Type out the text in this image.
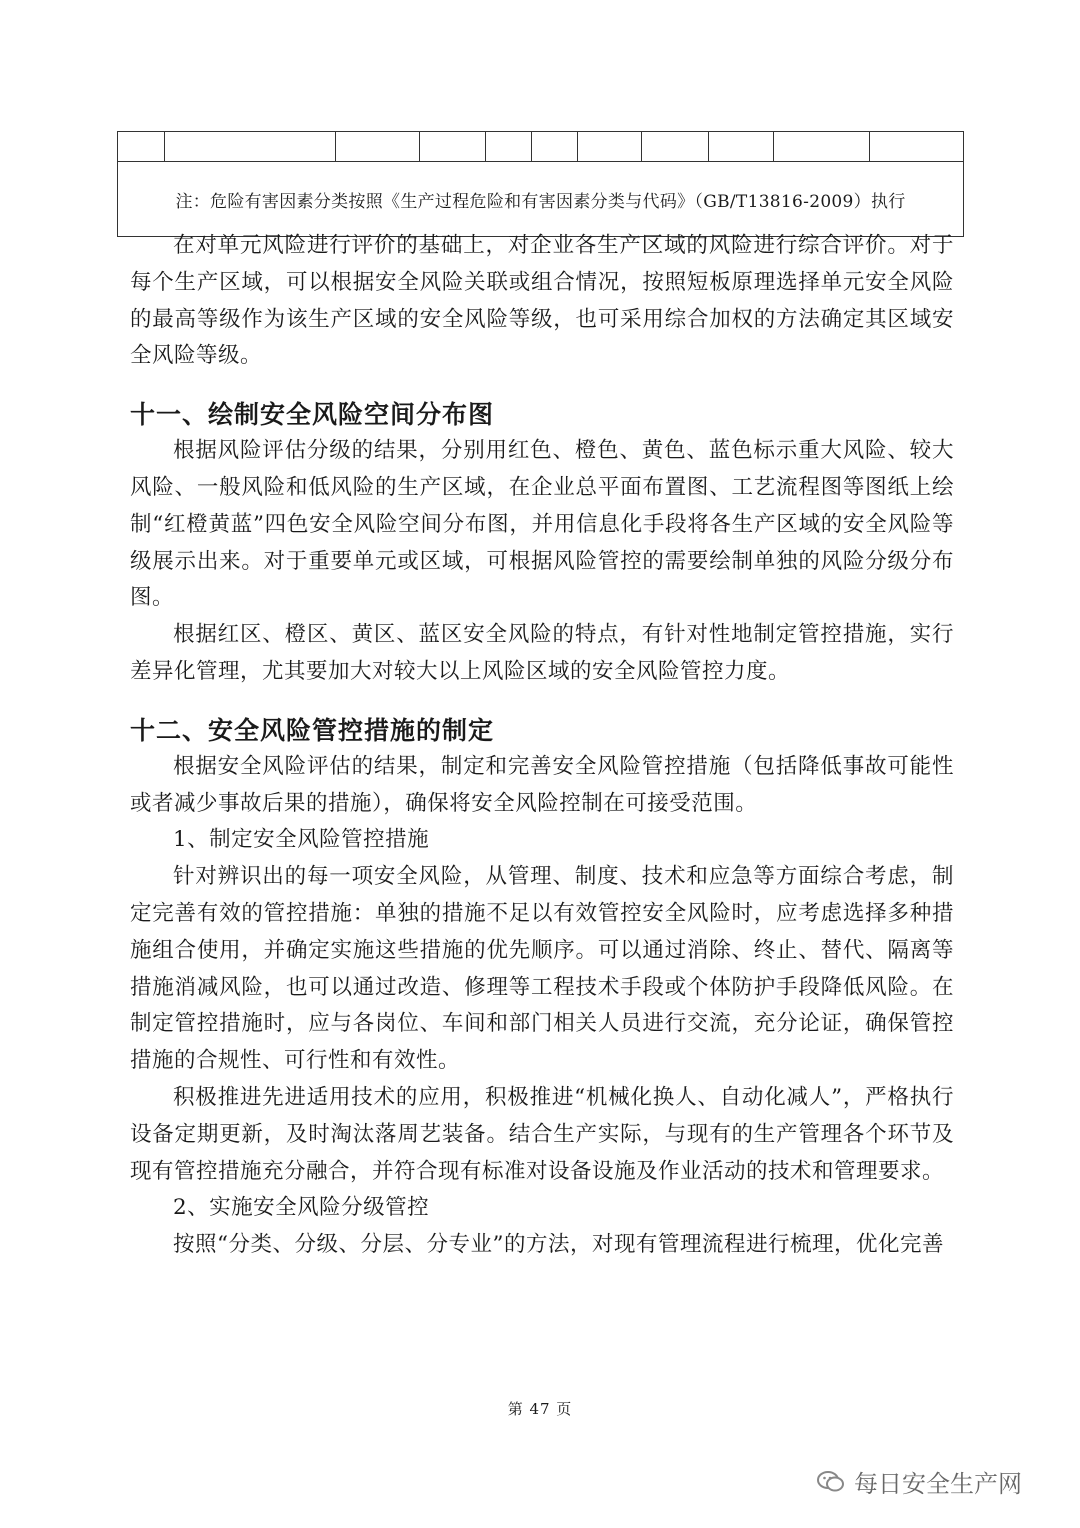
注：危险有害因素分类按照《生产过程危险和有害因素分类与代码》（GB/T13816-2009）执行

在对单元风险进行评价的基础上，对企业各生产区域的风险进行综合评价。对于每个生产区域，可以根据安全风险关联或组合情况，按照短板原理选择单元安全风险的最高等级作为该生产区域的安全风险等级，也可采用综合加权的方法确定其区域安全风险等级。

十一、绘制安全风险空间分布图

根据风险评估分级的结果，分别用红色、橙色、黄色、蓝色标示重大风险、较大风险、一般风险和低风险的生产区域，在企业总平面布置图、工艺流程图等图纸上绘制“红橙黄蓝”四色安全风险空间分布图，并用信息化手段将各生产区域的安全风险等级展示出来。对于重要单元或区域，可根据风险管控的需要绘制单独的风险分级分布图。

根据红区、橙区、黄区、蓝区安全风险的特点，有针对性地制定管控措施，实行差异化管理，尤其要加大对较大以上风险区域的安全风险管控力度。

十二、安全风险管控措施的制定

根据安全风险评估的结果，制定和完善安全风险管控措施（包括降低事故可能性或者减少事故后果的措施），确保将安全风险控制在可接受范围。

1、制定安全风险管控措施

针对辨识出的每一项安全风险，从管理、制度、技术和应急等方面综合考虑，制定完善有效的管控措施：单独的措施不足以有效管控安全风险时，应考虑选择多种措施组合使用，并确定实施这些措施的优先顺序。可以通过消除、终止、替代、隔离等措施消减风险，也可以通过改造、修理等工程技术手段或个体防护手段降低风险。在制定管控措施时，应与各岗位、车间和部门相关人员进行交流，充分论证，确保管控措施的合规性、可行性和有效性。

积极推进先进适用技术的应用，积极推进“机械化换人、自动化减人”，严格执行设备定期更新，及时淘汰落周艺装备。结合生产实际，与现有的生产管理各个环节及现有管控措施充分融合，并符合现有标准对设备设施及作业活动的技术和管理要求。

2、实施安全风险分级管控

按照“分类、分级、分层、分专业”的方法，对现有管理流程进行梳理，优化完善

第 47 页
每日安全生产网
